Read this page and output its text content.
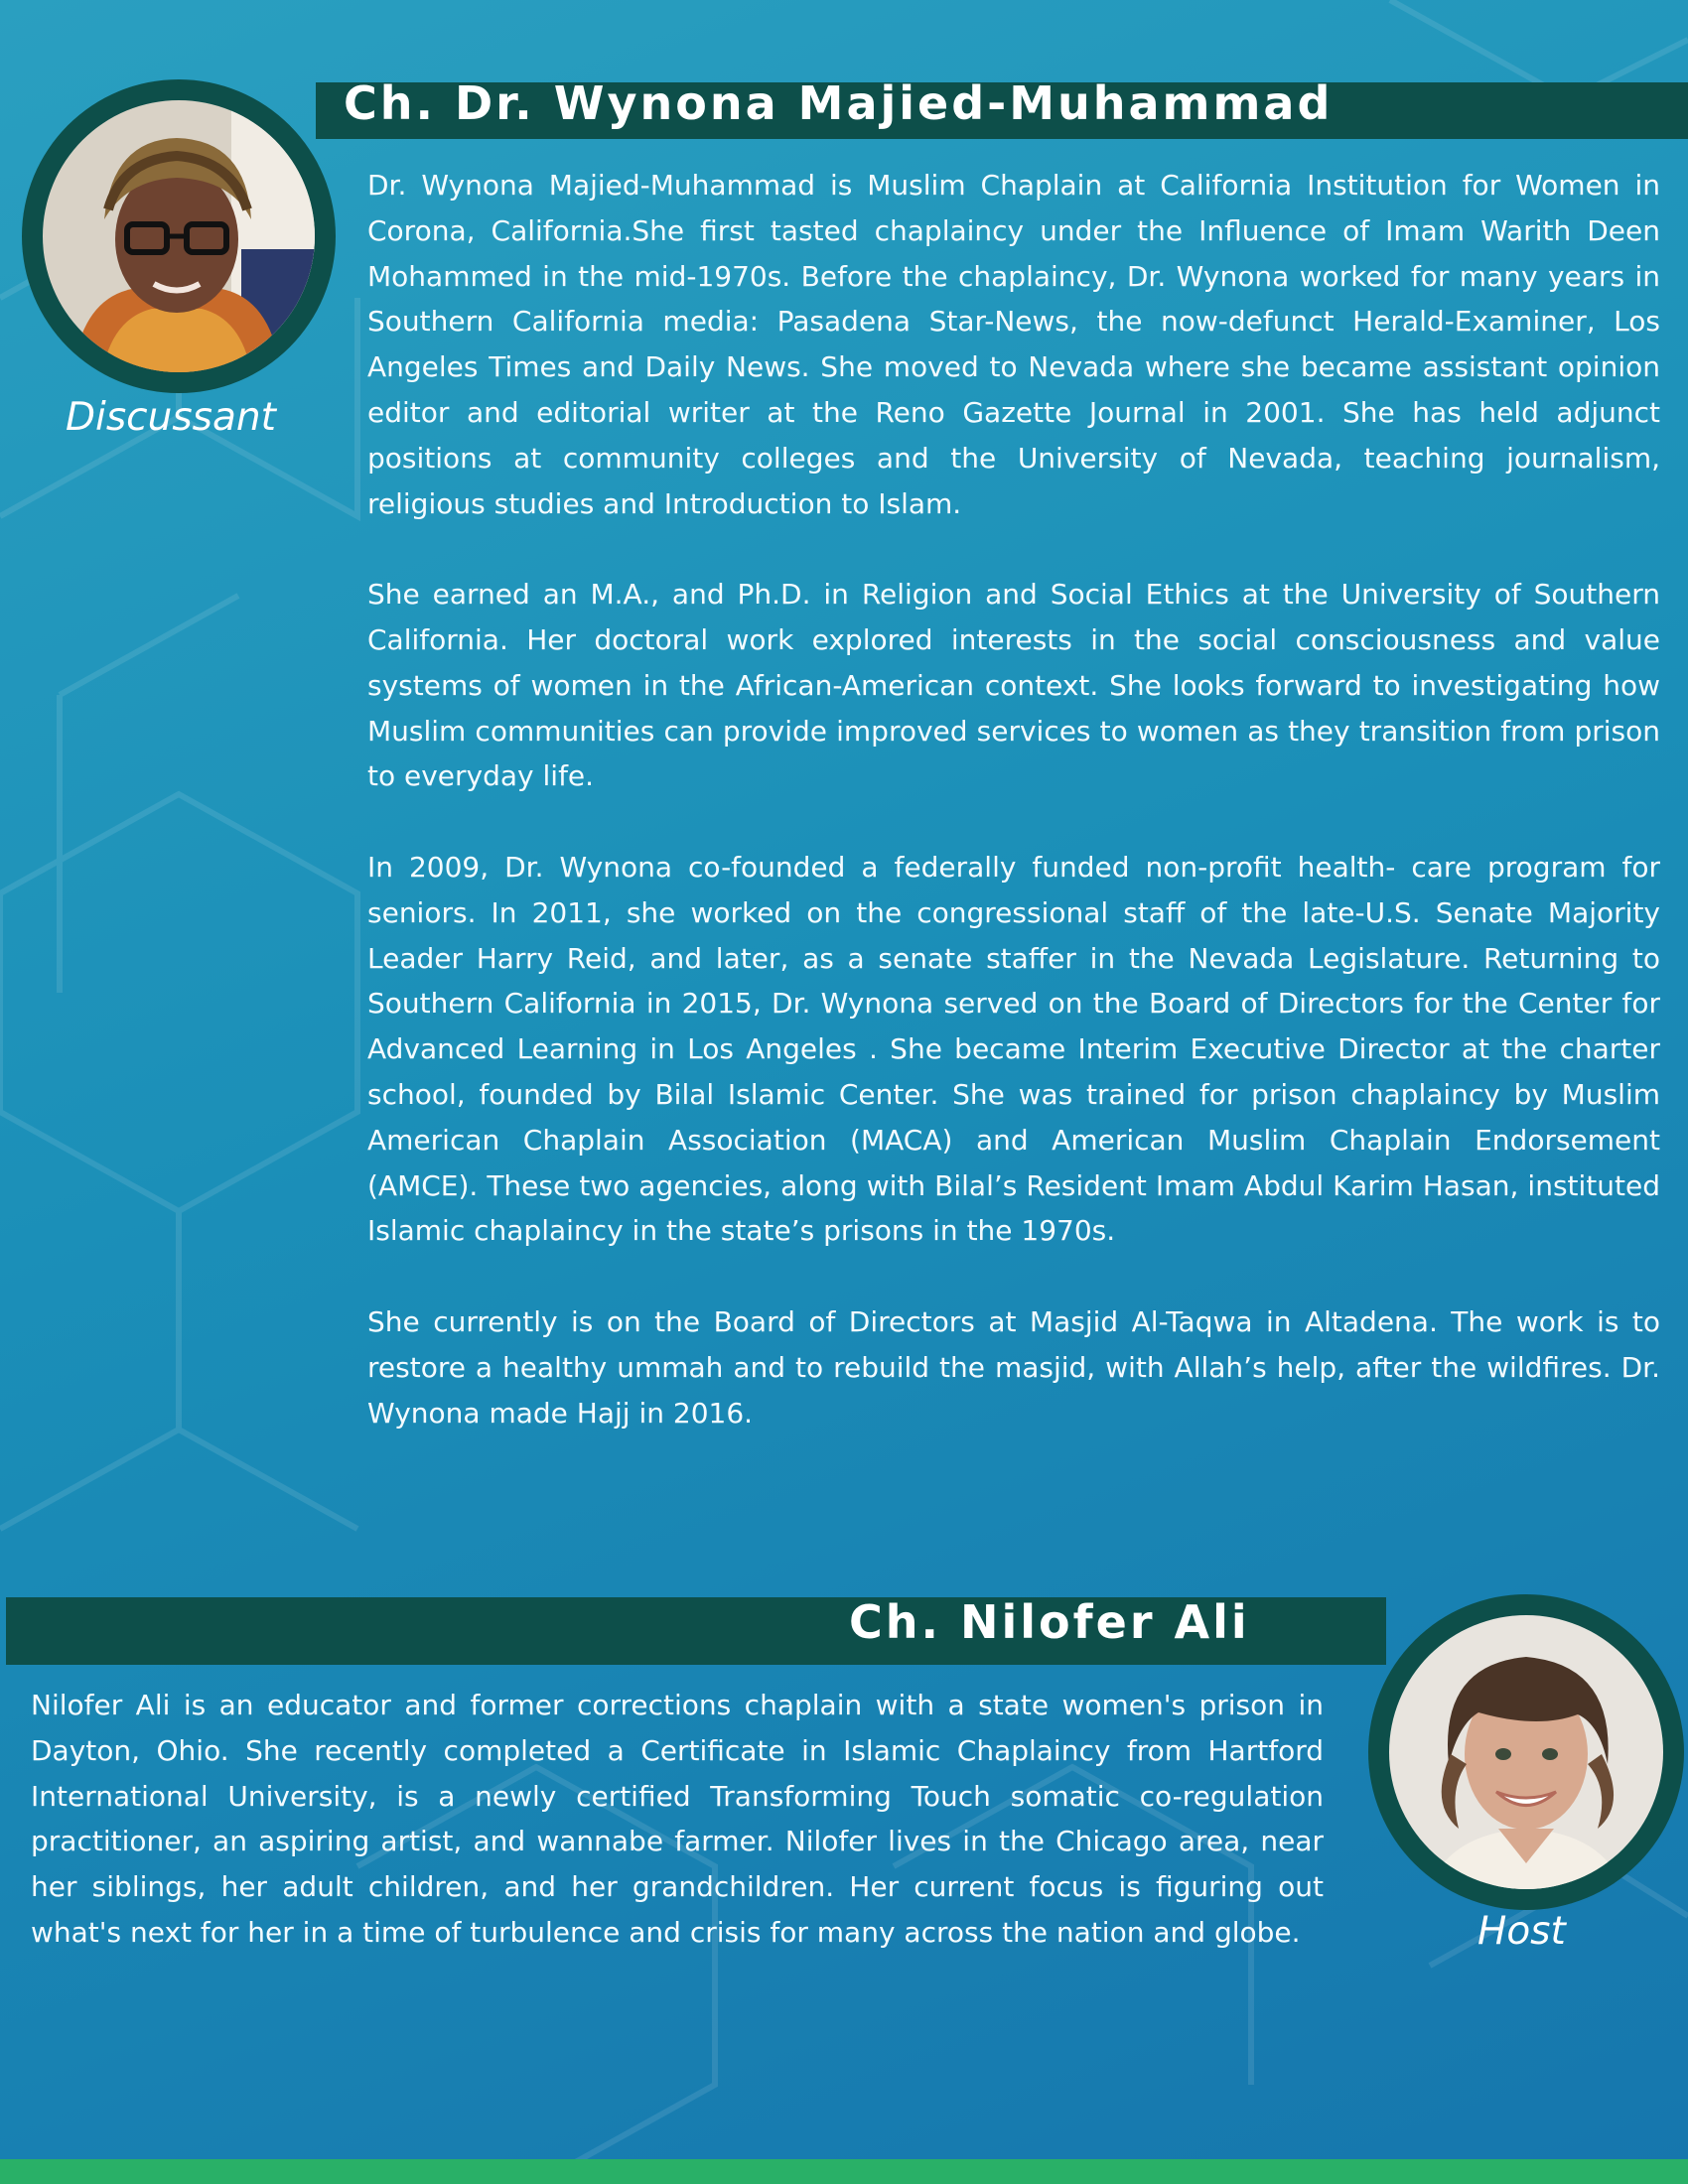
Ch. Dr. Wynona Majied-Muhammad
Discussant

Dr. Wynona Majied-Muhammad is Muslim Chaplain at California Institution for Women in Corona, California.She first tasted chaplaincy under the Influence of Imam Warith Deen Mohammed in the mid-1970s. Before the chaplaincy, Dr. Wynona worked for many years in Southern California media: Pasadena Star-News, the now-defunct Herald-Examiner, Los Angeles Times and Daily News. She moved to Nevada where she became assistant opinion editor and editorial writer at the Reno Gazette Journal in 2001. She has held adjunct positions at community colleges and the University of Nevada, teaching journalism, religious studies and Introduction to Islam.

She earned an M.A., and Ph.D. in Religion and Social Ethics at the University of Southern California. Her doctoral work explored interests in the social consciousness and value systems of women in the African-American context. She looks forward to investigating how Muslim communities can provide improved services to women as they transition from prison to everyday life.

In 2009, Dr. Wynona co-founded a federally funded non-profit health- care program for seniors. In 2011, she worked on the congressional staff of the late-U.S. Senate Majority Leader Harry Reid, and later, as a senate staffer in the Nevada Legislature. Returning to Southern California in 2015, Dr. Wynona served on the Board of Directors for the Center for Advanced Learning in Los Angeles . She became Interim Executive Director at the charter school, founded by Bilal Islamic Center. She was trained for prison chaplaincy by Muslim American Chaplain Association (MACA) and American Muslim Chaplain Endorsement (AMCE). These two agencies, along with Bilal’s Resident Imam Abdul Karim Hasan, instituted Islamic chaplaincy in the state’s prisons in the 1970s.

She currently is on the Board of Directors at Masjid Al-Taqwa in Altadena. The work is to restore a healthy ummah and to rebuild the masjid, with Allah’s help, after the wildfires. Dr. Wynona made Hajj in 2016.

Ch. Nilofer Ali

Nilofer Ali is an educator and former corrections chaplain with a state women's prison in Dayton, Ohio. She recently completed a Certificate in Islamic Chaplaincy from Hartford International University, is a newly certified Transforming Touch somatic co-regulation practitioner, an aspiring artist, and wannabe farmer. Nilofer lives in the Chicago area, near her siblings, her adult children, and her grandchildren. Her current focus is figuring out what's next for her in a time of turbulence and crisis for many across the nation and globe.	Host
